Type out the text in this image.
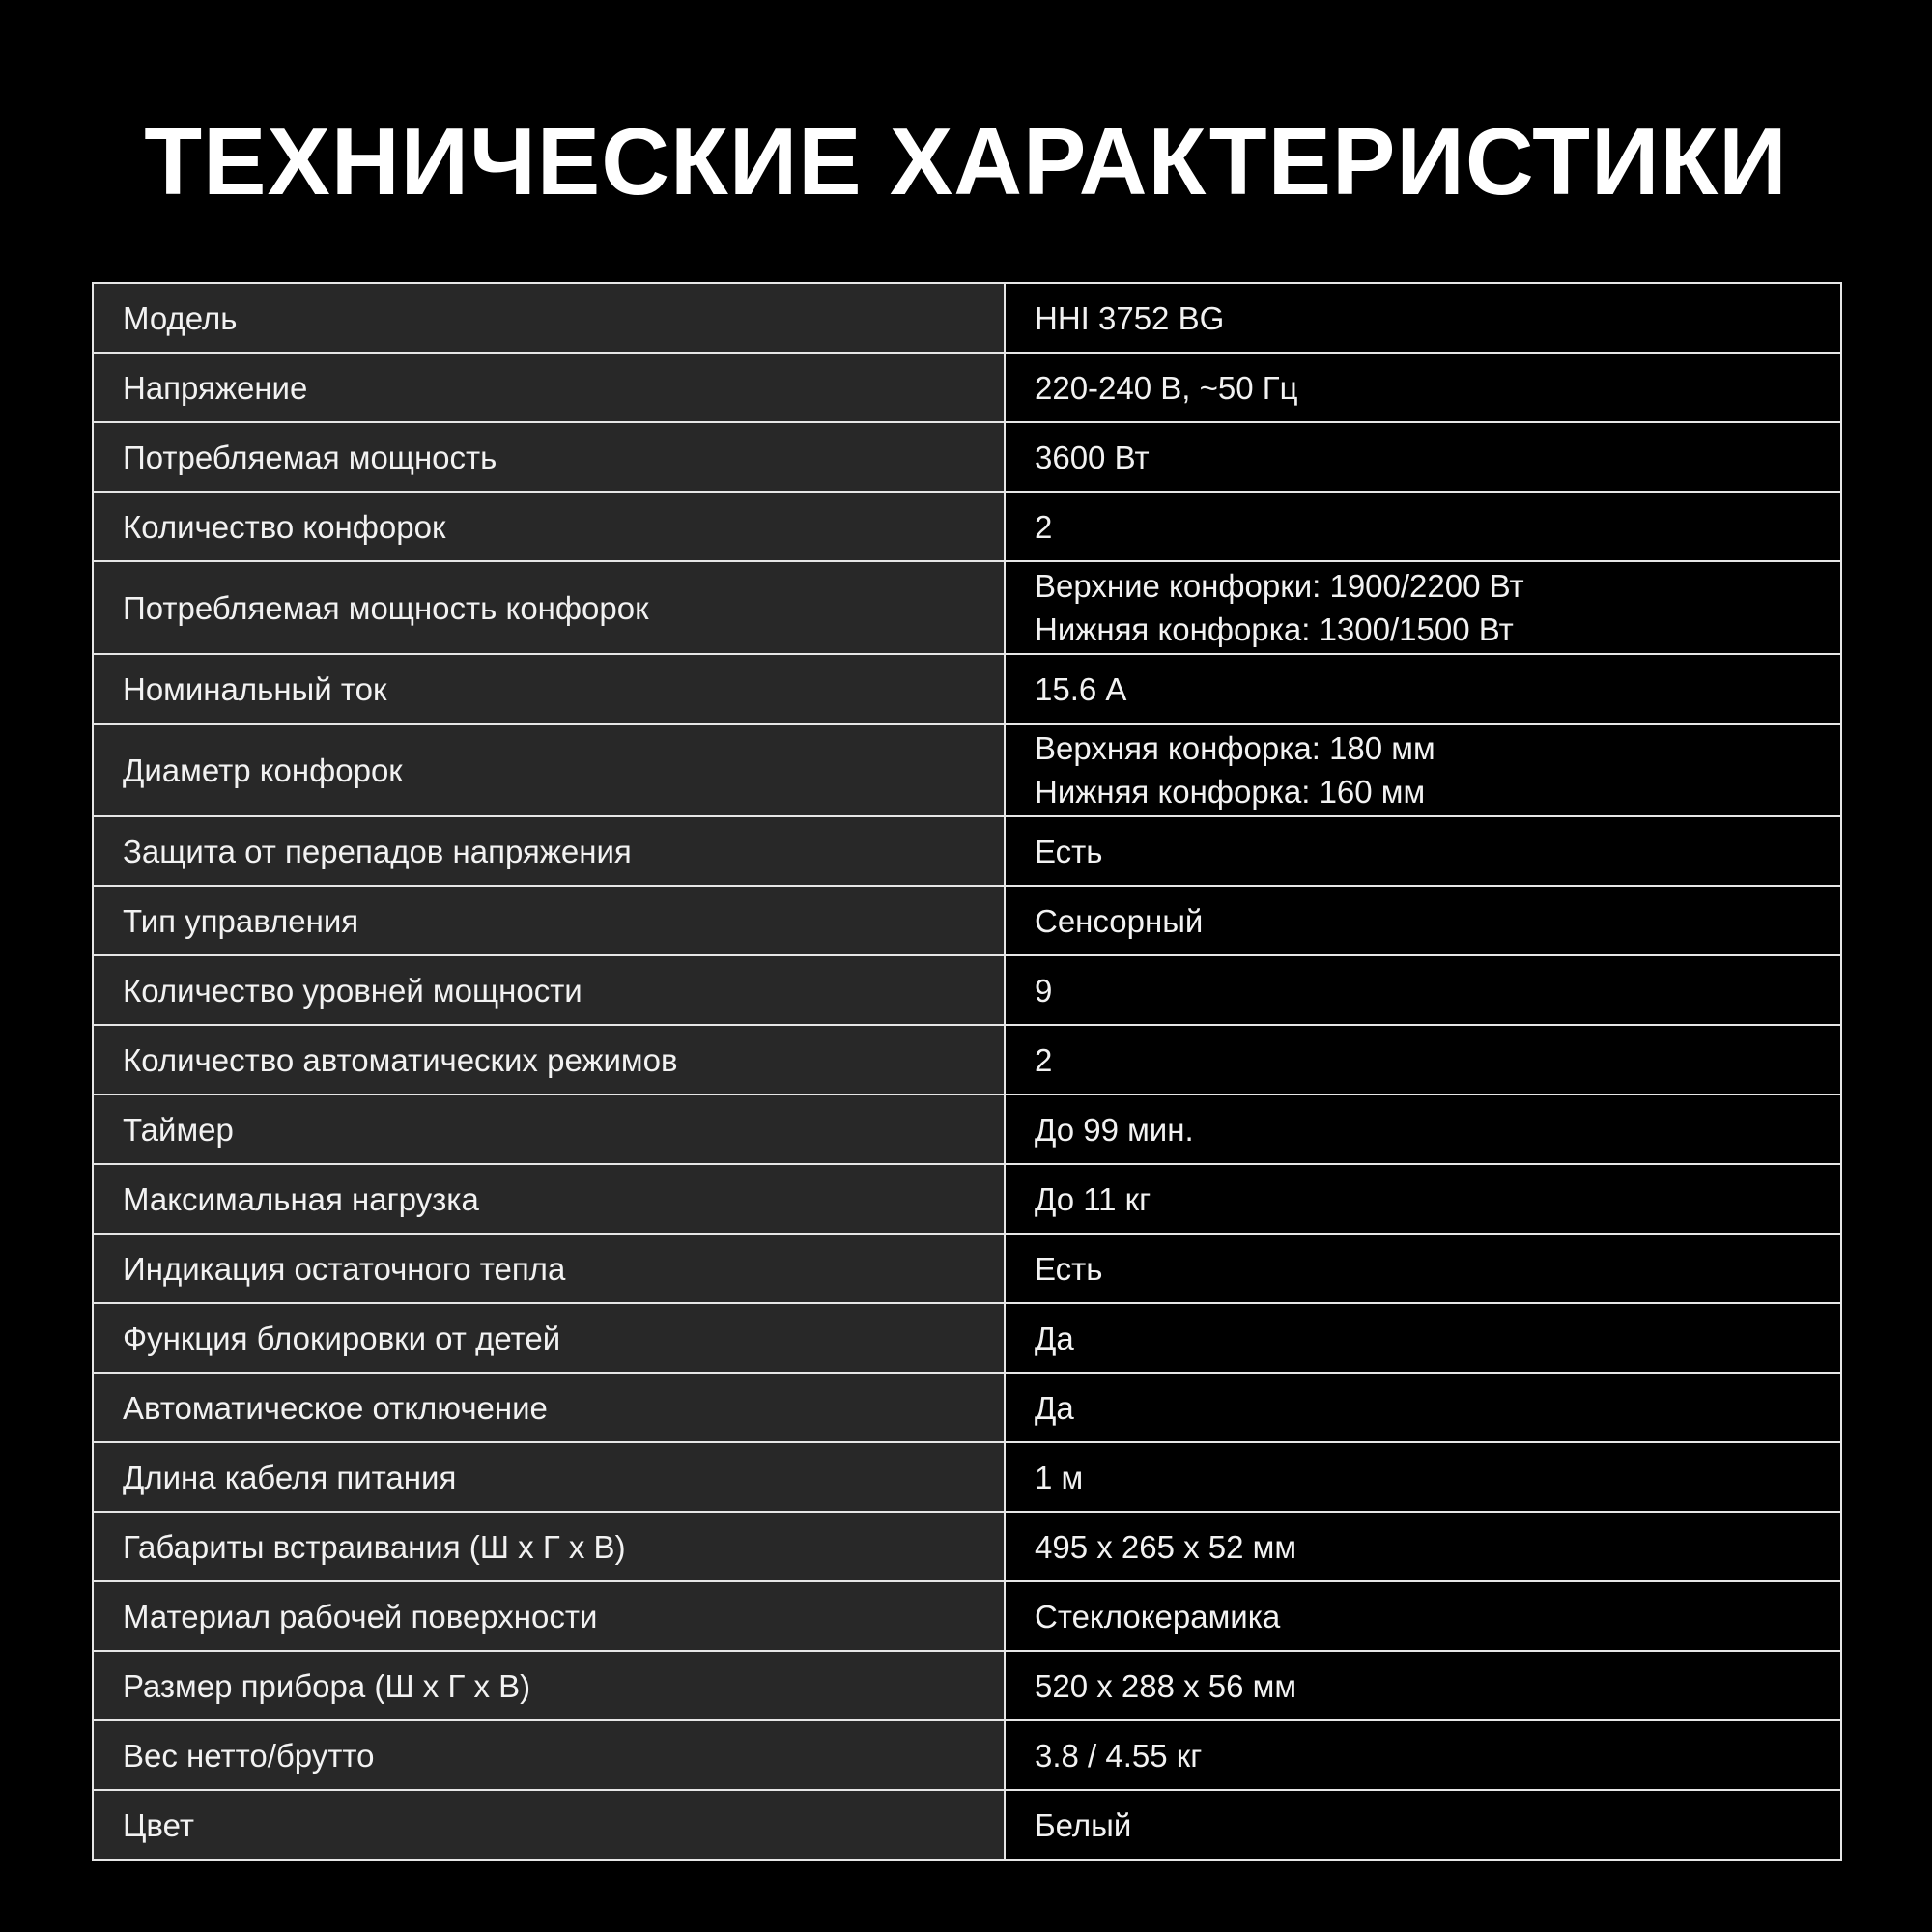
ТЕХНИЧЕСКИЕ ХАРАКТЕРИСТИКИ
Модель	HHI 3752 BG
Напряжение	220-240 В, ~50 Гц
Потребляемая мощность	3600 Вт
Количество конфорок	2
Потребляемая мощность конфорок	Верхние конфорки: 1900/2200 Вт
Нижняя конфорка: 1300/1500 Вт

Номинальный ток	15.6 А
Диаметр конфорок	Верхняя конфорка: 180 мм
Нижняя конфорка: 160 мм

Защита от перепадов напряжения	Есть
Тип управления	Сенсорный
Количество уровней мощности	9
Количество автоматических режимов	2
Таймер	До 99 мин.
Максимальная нагрузка	До 11 кг
Индикация остаточного тепла	Есть
Функция блокировки от детей	Да
Автоматическое отключение	Да
Длина кабеля питания	1 м
Габариты встраивания (Ш х Г х В)	495 х 265 х 52 мм
Материал рабочей поверхности	Стеклокерамика
Размер прибора (Ш х Г х В)	520 х 288 х 56 мм
Вес нетто/брутто	3.8 / 4.55 кг
Цвет	Белый
